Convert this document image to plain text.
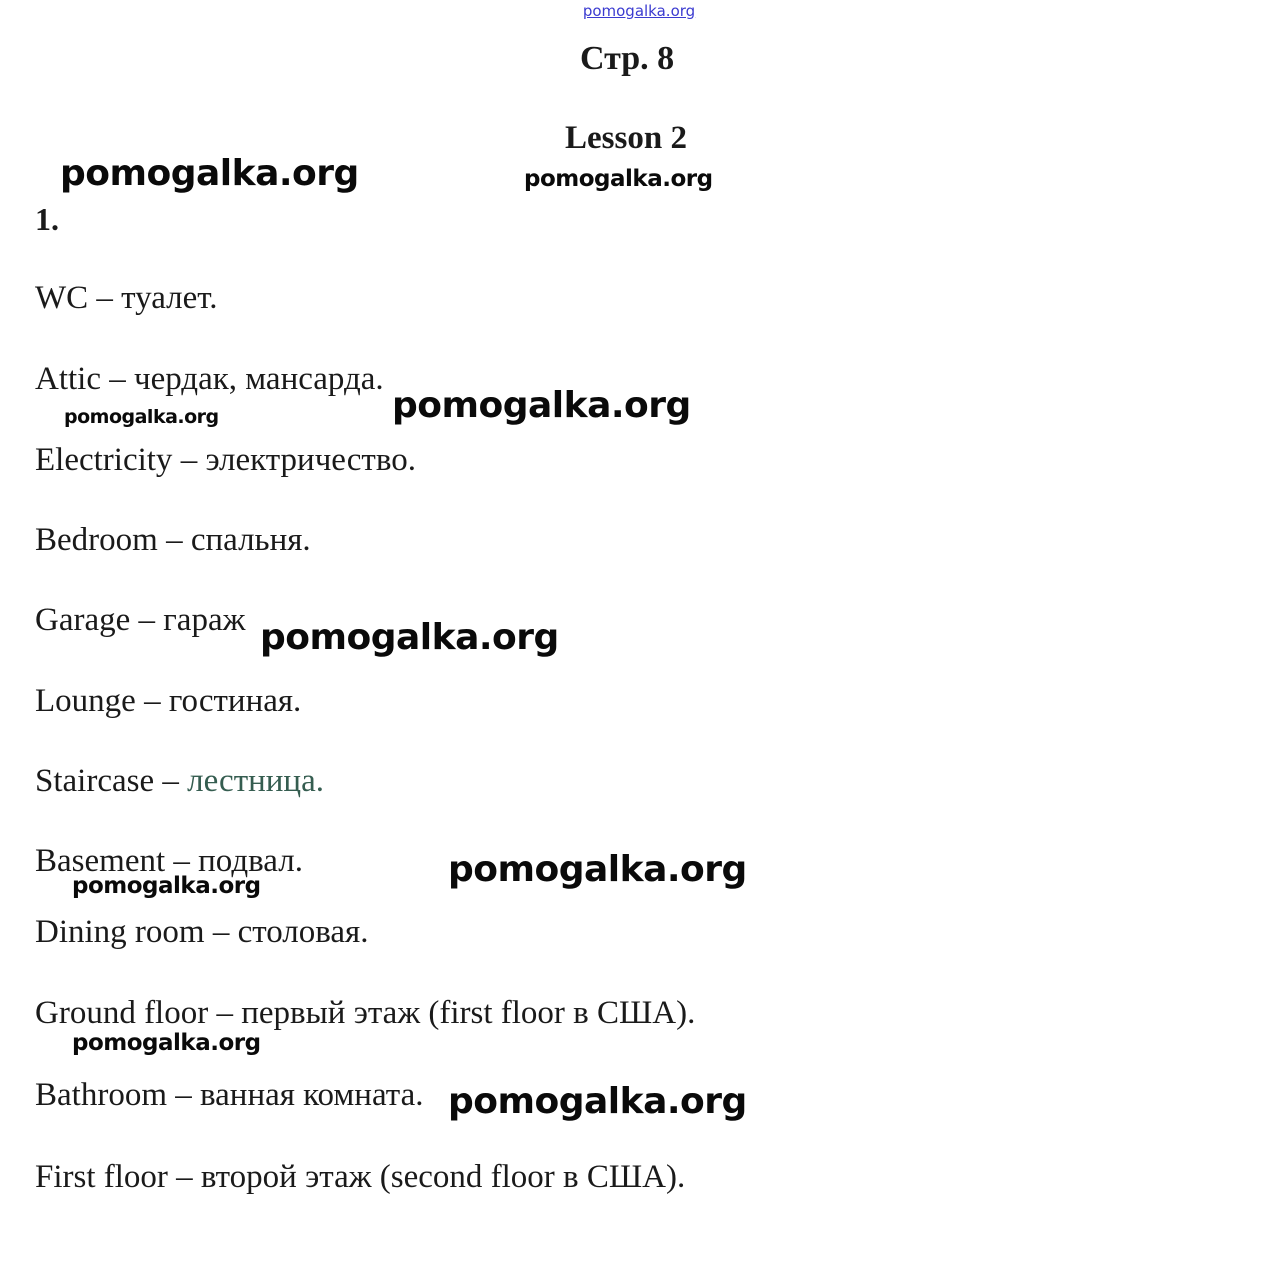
pomogalka.org
Стр. 8
Lesson 2
1.
WC – туалет.
Attic – чердак, мансарда.
Electricity – электричество.
Bedroom – спальня.
Garage – гараж
Lounge – гостиная.
Staircase – лестница.
Basement – подвал.
Dining room – столовая.
Ground floor – первый этаж (first floor в США).
Bathroom – ванная комната.
First floor – второй этаж (second floor в США).
pomogalka.org	pomogalka.org
pomogalka.org	pomogalka.org
pomogalka.org
pomogalka.org
pomogalka.org
pomogalka.org
pomogalka.org
